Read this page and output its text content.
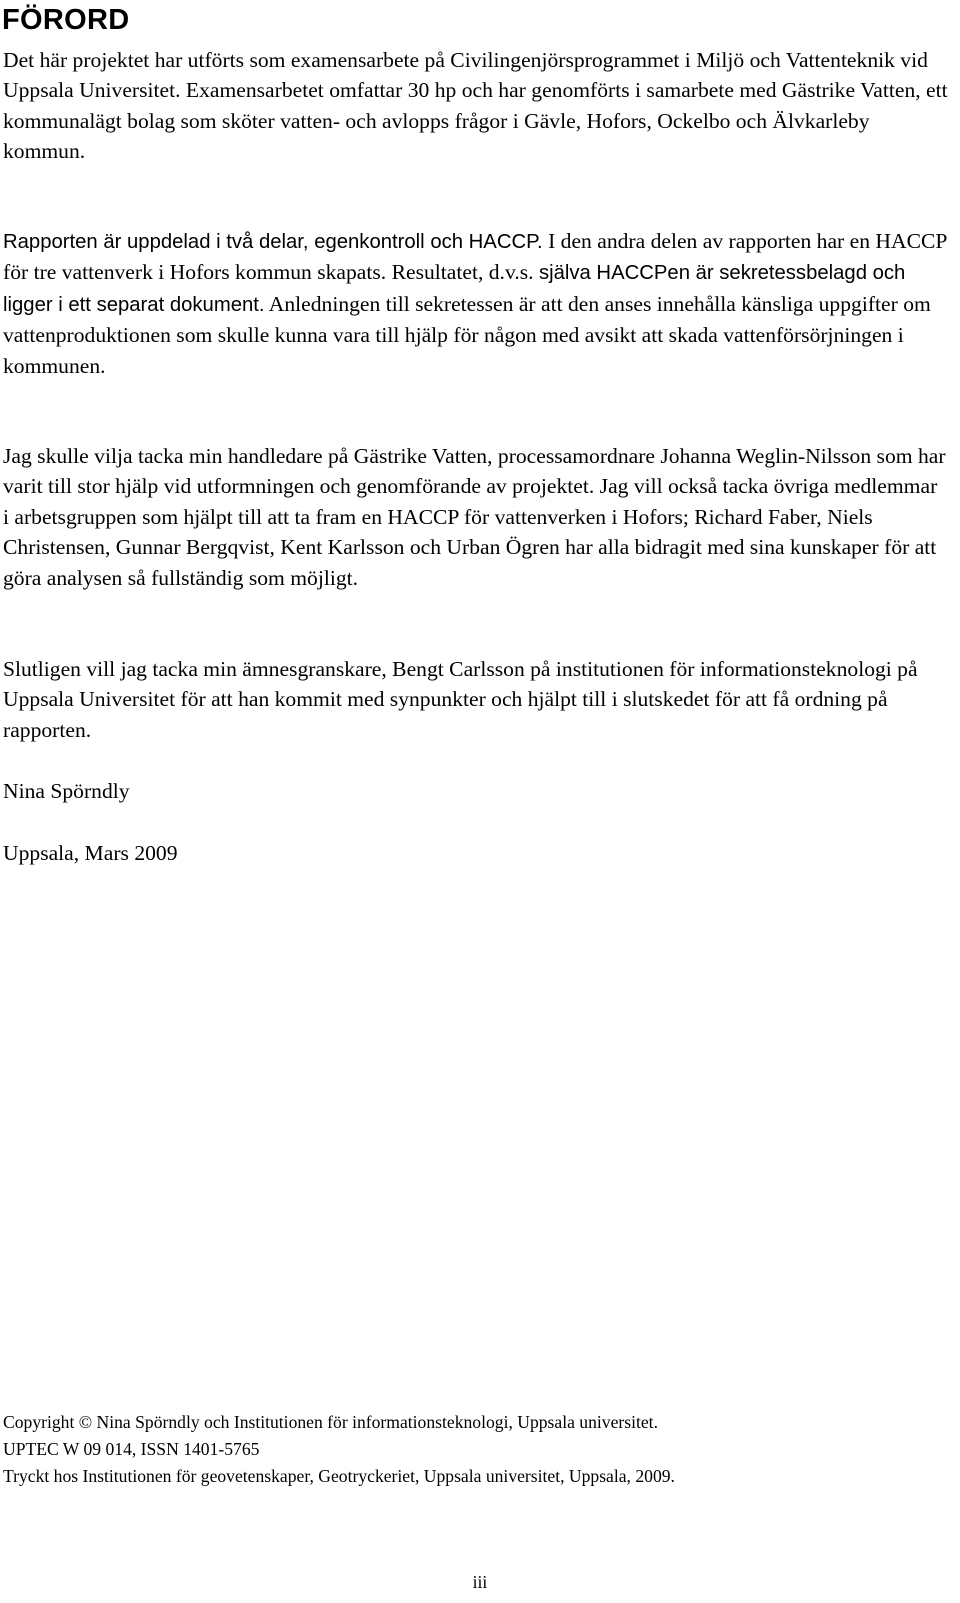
FÖRORD

Det här projektet har utförts som examensarbete på Civilingenjörsprogrammet i Miljö och Vattenteknik vid Uppsala Universitet. Examensarbetet omfattar 30 hp och har genomförts i samarbete med Gästrike Vatten, ett kommunalägt bolag som sköter vatten- och avlopps frågor i Gävle, Hofors, Ockelbo och Älvkarleby kommun.

Rapporten är uppdelad i två delar, egenkontroll och HACCP. I den andra delen av rapporten har en HACCP för tre vattenverk i Hofors kommun skapats. Resultatet, d.v.s. själva HACCPen är sekretessbelagd och ligger i ett separat dokument. Anledningen till sekretessen är att den anses innehålla känsliga uppgifter om vattenproduktionen som skulle kunna vara till hjälp för någon med avsikt att skada vattenförsörjningen i kommunen.

Jag skulle vilja tacka min handledare på Gästrike Vatten, processamordnare Johanna Weglin-Nilsson som har varit till stor hjälp vid utformningen och genomförande av projektet. Jag vill också tacka övriga medlemmar i arbetsgruppen som hjälpt till att ta fram en HACCP för vattenverken i Hofors; Richard Faber, Niels Christensen, Gunnar Bergqvist, Kent Karlsson och Urban Ögren har alla bidragit med sina kunskaper för att göra analysen så fullständig som möjligt.

Slutligen vill jag tacka min ämnesgranskare, Bengt Carlsson på institutionen för informationsteknologi på Uppsala Universitet för att han kommit med synpunkter och hjälpt till i slutskedet för att få ordning på rapporten.

Nina Spörndly

Uppsala, Mars 2009

Copyright © Nina Spörndly och Institutionen för informationsteknologi, Uppsala universitet.
UPTEC W 09 014, ISSN 1401-5765
Tryckt hos Institutionen för geovetenskaper, Geotryckeriet, Uppsala universitet, Uppsala, 2009.

iii
